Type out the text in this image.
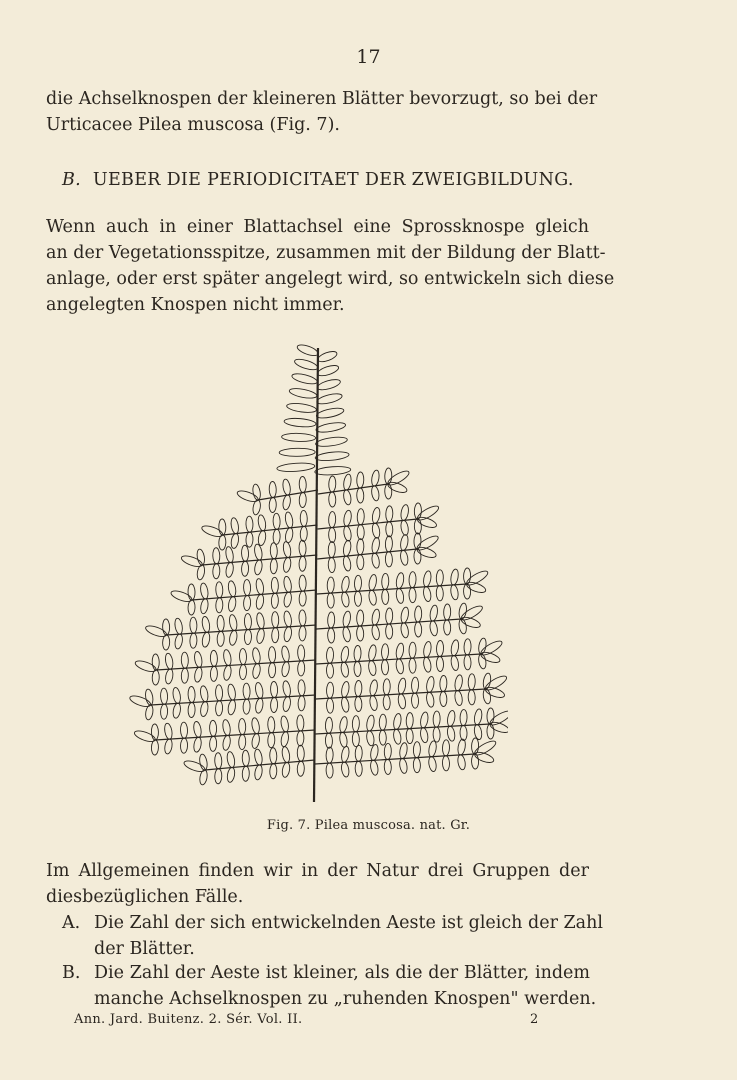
17
die Achselknospen der kleineren Blätter bevorzugt, so bei der
Urticacee Pilea muscosa (Fig. 7).
B. UEBER DIE PERIODICITAET DER ZWEIGBILDUNG.
Wenn auch in einer Blattachsel eine Sprossknospe gleich
an der Vegetationsspitze, zusammen mit der Bildung der Blatt-
anlage, oder erst später angelegt wird, so entwickeln sich diese
angelegten Knospen nicht immer.
Fig. 7. Pilea muscosa. nat. Gr.
Im Allgemeinen finden wir in der Natur drei Gruppen der
diesbezüglichen Fälle.
A. Die Zahl der sich entwickelnden Aeste ist gleich der Zahl
der Blätter.
B. Die Zahl der Aeste ist kleiner, als die der Blätter, indem
manche Achselknospen zu „ruhenden Knospen" werden.
Ann. Jard. Buitenz. 2. Sér. Vol. II.	2
